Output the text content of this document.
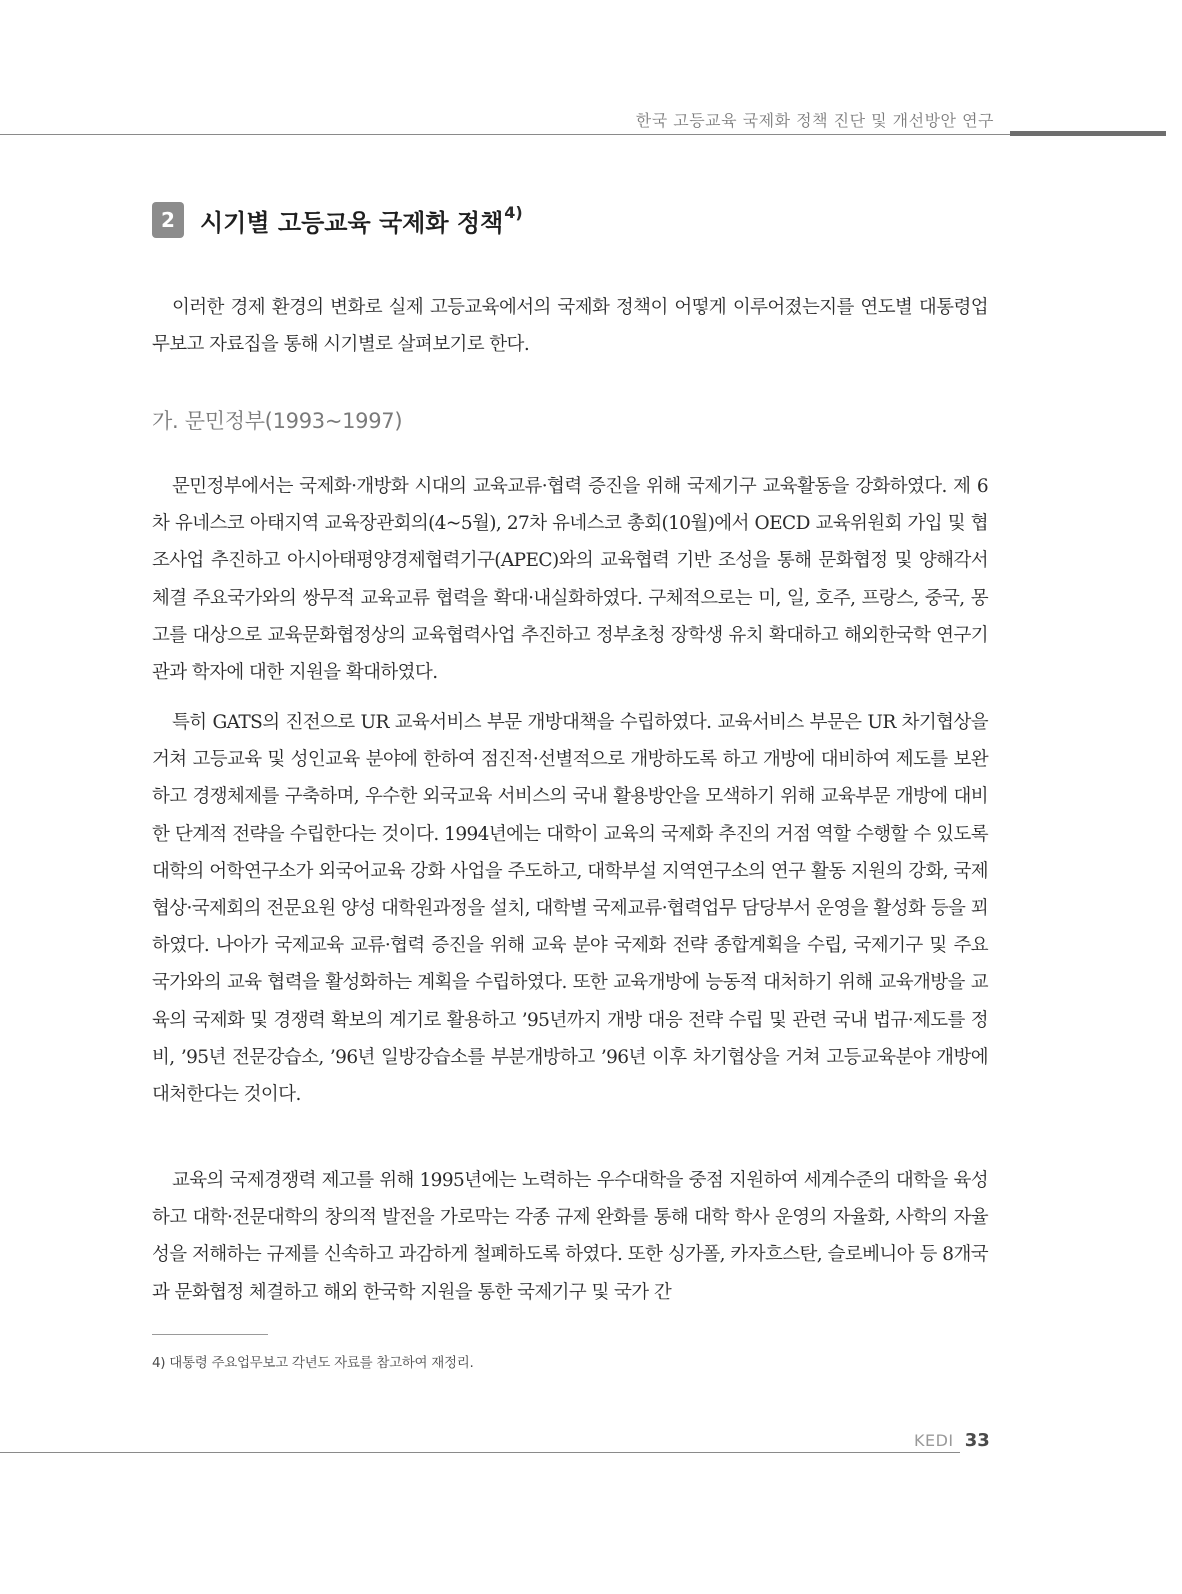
한국 고등교육 국제화 정책 진단 및 개선방안 연구
2	시기별 고등교육 국제화 정책 4)

이러한 경제 환경의 변화로 실제 고등교육에서의 국제화 정책이 어떻게 이루어졌는지를 연도별 대통령업무보고 자료집을 통해 시기별로 살펴보기로 한다.

가. 문민정부(1993~1997)

문민정부에서는 국제화·개방화 시대의 교육교류·협력 증진을 위해 국제기구 교육활동을 강화하였다. 제 6차 유네스코 아태지역 교육장관회의(4~5월), 27차 유네스코 총회(10월)에서 OECD 교육위원회 가입 및 협조사업 추진하고 아시아태평양경제협력기구(APEC)와의 교육협력 기반 조성을 통해 문화협정 및 양해각서체결 주요국가와의 쌍무적 교육교류 협력을 확대·내실화하였다. 구체적으로는 미, 일, 호주, 프랑스, 중국, 몽고를 대상으로 교육문화협정상의 교육협력사업 추진하고 정부초청 장학생 유치 확대하고 해외한국학 연구기관과 학자에 대한 지원을 확대하였다.

특히 GATS의 진전으로 UR 교육서비스 부문 개방대책을 수립하였다. 교육서비스 부문은 UR 차기협상을 거쳐 고등교육 및 성인교육 분야에 한하여 점진적·선별적으로 개방하도록 하고 개방에 대비하여 제도를 보완하고 경쟁체제를 구축하며, 우수한 외국교육 서비스의 국내 활용방안을 모색하기 위해 교육부문 개방에 대비한 단계적 전략을 수립한다는 것이다. 1994년에는 대학이 교육의 국제화 추진의 거점 역할 수행할 수 있도록 대학의 어학연구소가 외국어교육 강화 사업을 주도하고, 대학부설 지역연구소의 연구 활동 지원의 강화, 국제협상·국제회의 전문요원 양성 대학원과정을 설치, 대학별 국제교류·협력업무 담당부서 운영을 활성화 등을 꾀하였다. 나아가 국제교육 교류·협력 증진을 위해 교육 분야 국제화 전략 종합계획을 수립, 국제기구 및 주요 국가와의 교육 협력을 활성화하는 계획을 수립하였다. 또한 교육개방에 능동적 대처하기 위해 교육개방을 교육의 국제화 및 경쟁력 확보의 계기로 활용하고 ’95년까지 개방 대응 전략 수립 및 관련 국내 법규·제도를 정비, ’95년 전문강습소, ’96년 일방강습소를 부분개방하고 ’96년 이후 차기협상을 거쳐 고등교육분야 개방에 대처한다는 것이다.

교육의 국제경쟁력 제고를 위해 1995년에는 노력하는 우수대학을 중점 지원하여 세계수준의 대학을 육성하고 대학·전문대학의 창의적 발전을 가로막는 각종 규제 완화를 통해 대학 학사 운영의 자율화, 사학의 자율성을 저해하는 규제를 신속하고 과감하게 철폐하도록 하였다. 또한 싱가폴, 카자흐스탄, 슬로베니아 등 8개국과 문화협정 체결하고 해외 한국학 지원을 통한 국제기구 및 국가 간

4) 대통령 주요업무보고 각년도 자료를 참고하여 재정리.
KEDI 33
